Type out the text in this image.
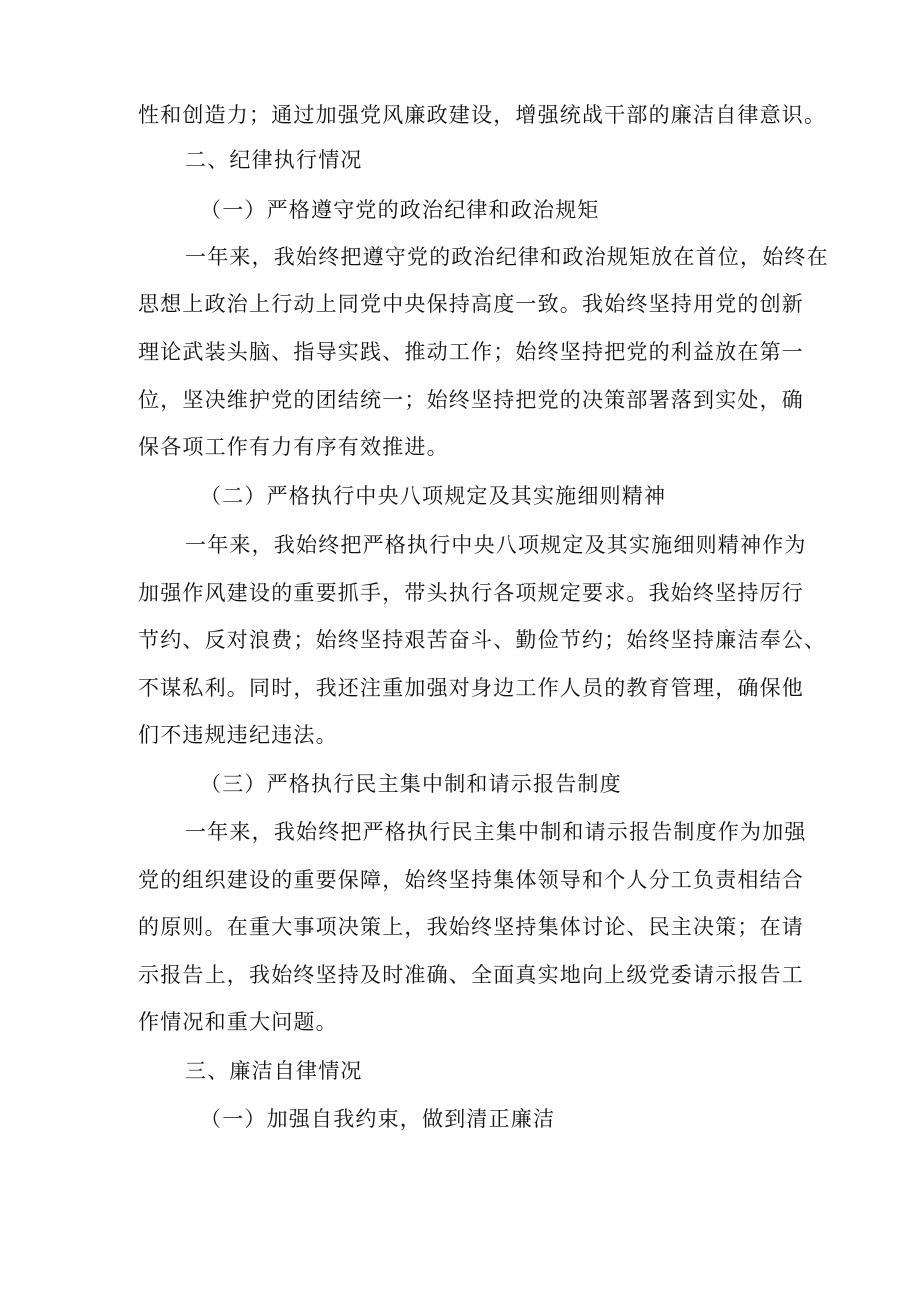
性和创造力；通过加强党风廉政建设，增强统战干部的廉洁自律意识。
二、纪律执行情况
（一）严格遵守党的政治纪律和政治规矩
一年来，我始终把遵守党的政治纪律和政治规矩放在首位，始终在
思想上政治上行动上同党中央保持高度一致。我始终坚持用党的创新
理论武装头脑、指导实践、推动工作；始终坚持把党的利益放在第一
位，坚决维护党的团结统一；始终坚持把党的决策部署落到实处，确
保各项工作有力有序有效推进。
（二）严格执行中央八项规定及其实施细则精神
一年来，我始终把严格执行中央八项规定及其实施细则精神作为
加强作风建设的重要抓手，带头执行各项规定要求。我始终坚持厉行
节约、反对浪费；始终坚持艰苦奋斗、勤俭节约；始终坚持廉洁奉公、
不谋私利。同时，我还注重加强对身边工作人员的教育管理，确保他
们不违规违纪违法。
（三）严格执行民主集中制和请示报告制度
一年来，我始终把严格执行民主集中制和请示报告制度作为加强
党的组织建设的重要保障，始终坚持集体领导和个人分工负责相结合
的原则。在重大事项决策上，我始终坚持集体讨论、民主决策；在请
示报告上，我始终坚持及时准确、全面真实地向上级党委请示报告工
作情况和重大问题。
三、廉洁自律情况
（一）加强自我约束，做到清正廉洁
